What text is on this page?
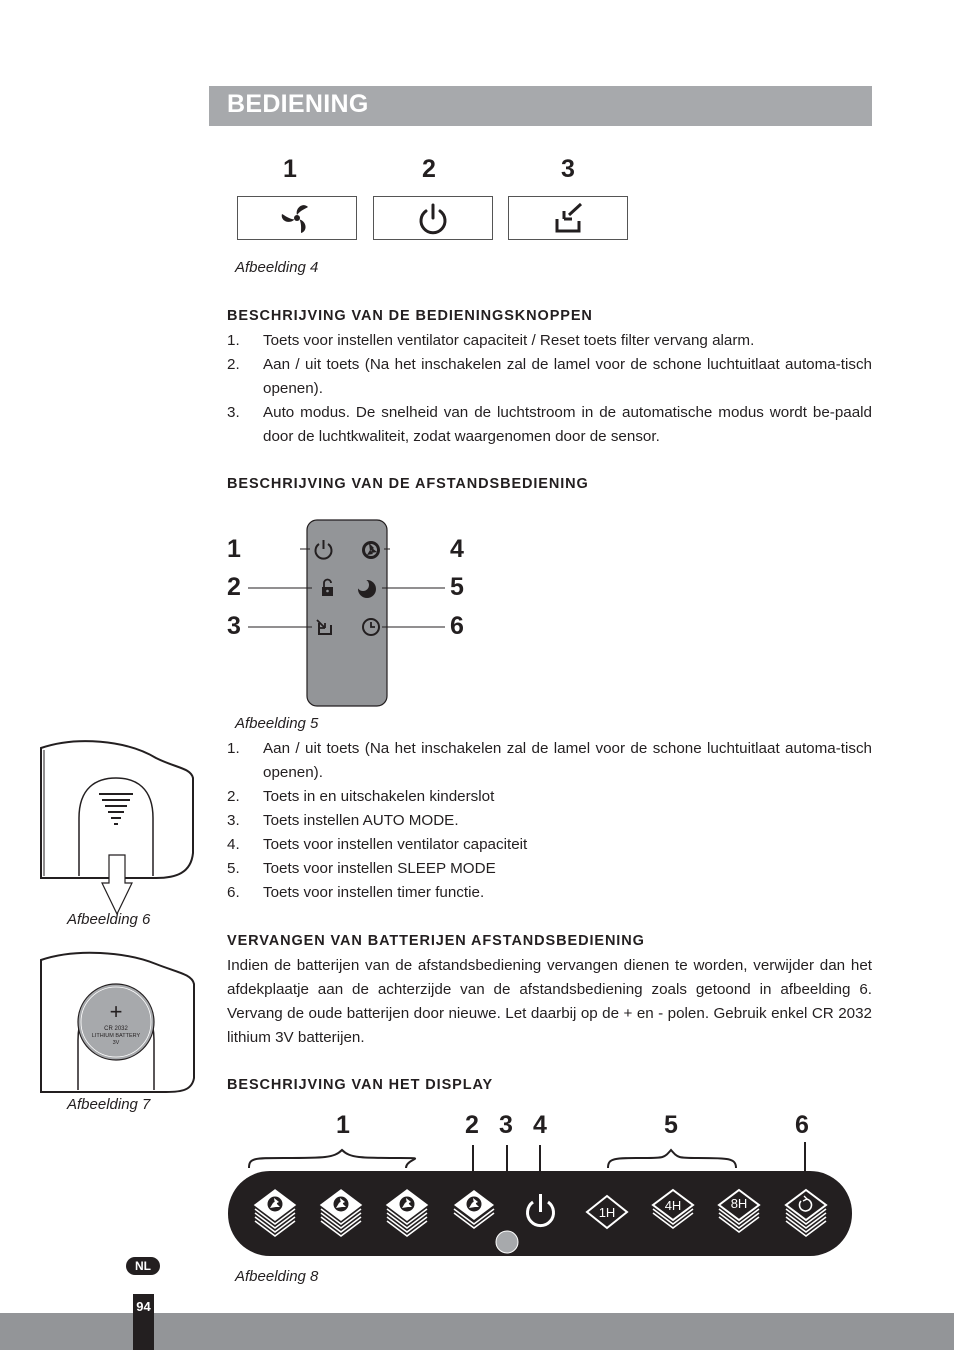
BEDIENING
1	2	3
Afbeelding 4
BESCHRIJVING VAN DE BEDIENINGSKNOPPEN
1. Toets voor instellen ventilator capaciteit / Reset toets filter vervang alarm.
2. Aan / uit toets (Na het inschakelen zal de lamel voor de schone luchtuitlaat automa-tisch openen).
3. Auto modus. De snelheid van de luchtstroom in de automatische modus wordt be-paald door de luchtkwaliteit, zodat waargenomen door de sensor.
BESCHRIJVING VAN DE AFSTANDSBEDIENING
1
2
3
4
5
6
Afbeelding 5
1. Aan / uit toets (Na het inschakelen zal de lamel voor de schone luchtuitlaat automa-tisch openen).
2. Toets in en uitschakelen kinderslot
3. Toets instellen AUTO MODE.
4. Toets voor instellen ventilator capaciteit
5. Toets voor instellen SLEEP MODE
6. Toets voor instellen timer functie.
Afbeelding 6
+
CR 2032
LITHIUM BATTERY
3V
Afbeelding 7
VERVANGEN VAN BATTERIJEN AFSTANDSBEDIENING
Indien de batterijen van de afstandsbediening vervangen dienen te worden, verwijder dan het afdekplaatje aan de achterzijde van de afstandsbediening zoals getoond in afbeelding 6. Vervang de oude batterijen door nieuwe. Let daarbij op de + en - polen. Gebruik enkel CR 2032 lithium 3V batterijen.
BESCHRIJVING VAN HET DISPLAY
1	2 3 4	5	6
1H	4H	8H
Afbeelding 8
NL
94
